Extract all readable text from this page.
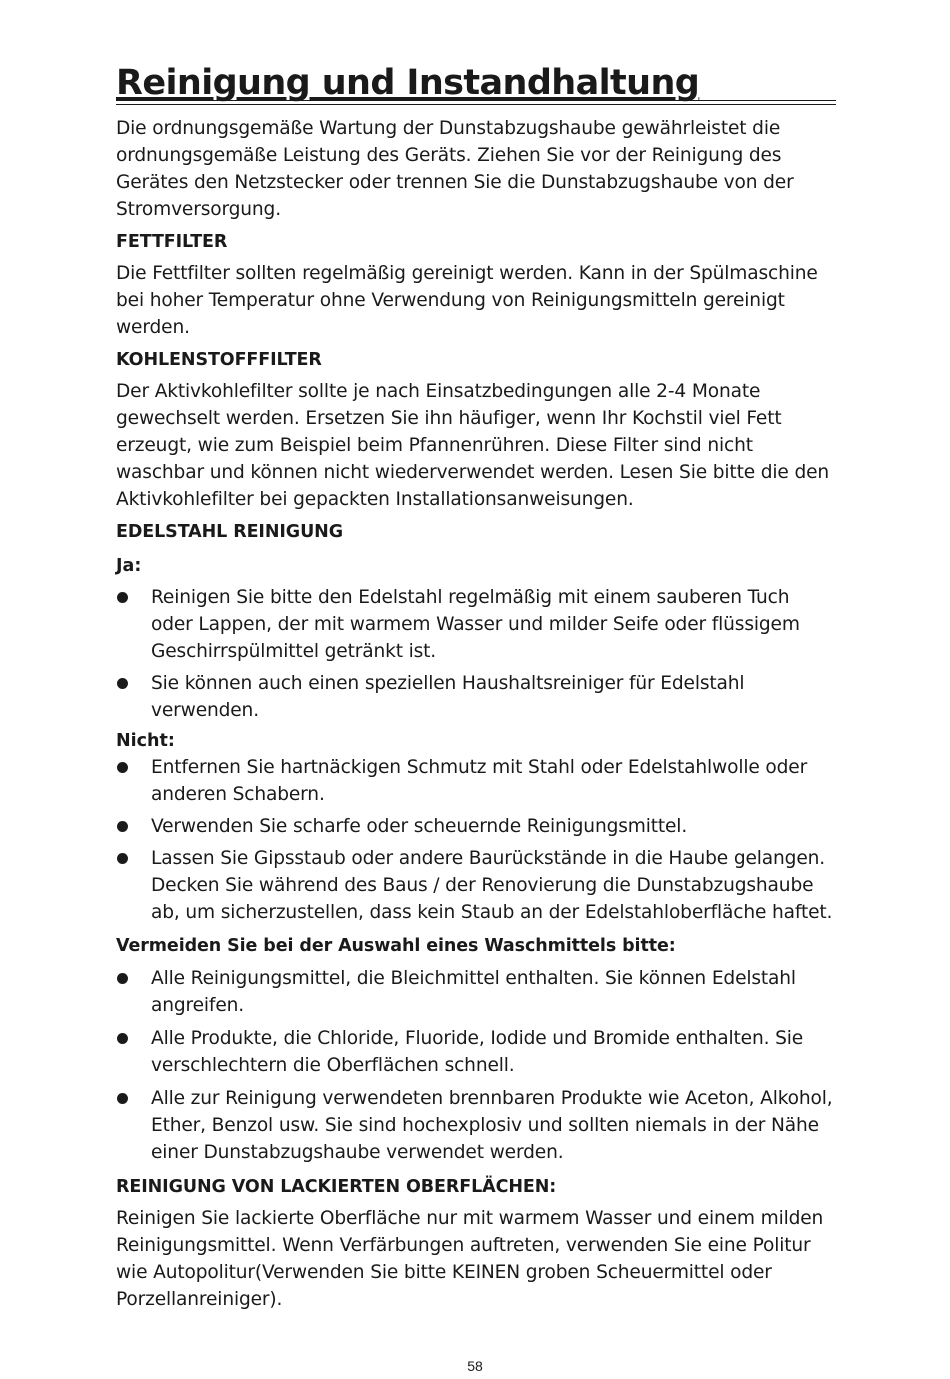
Reinigung und Instandhaltung

Die ordnungsgemäße Wartung der Dunstabzugshaube gewährleistet die ordnungsgemäße Leistung des Geräts. Ziehen Sie vor der Reinigung des Gerätes den Netzstecker oder trennen Sie die Dunstabzugshaube von der Stromversorgung.

FETTFILTER

Die Fettfilter sollten regelmäßig gereinigt werden. Kann in der Spülmaschine bei hoher Temperatur ohne Verwendung von Reinigungsmitteln gereinigt werden.

KOHLENSTOFFFILTER

Der Aktivkohlefilter sollte je nach Einsatzbedingungen alle 2-4 Monate gewechselt werden. Ersetzen Sie ihn häufiger, wenn Ihr Kochstil viel Fett erzeugt, wie zum Beispiel beim Pfannenrühren. Diese Filter sind nicht waschbar und können nicht wiederverwendet werden. Lesen Sie bitte die den Aktivkohlefilter bei gepackten Installationsanweisungen.

EDELSTAHL REINIGUNG
Ja:
Reinigen Sie bitte den Edelstahl regelmäßig mit einem sauberen Tuch oder Lappen, der mit warmem Wasser und milder Seife oder flüssigem Geschirrspülmittel getränkt ist.
Sie können auch einen speziellen Haushaltsreiniger für Edelstahl verwenden.
Nicht:
Entfernen Sie hartnäckigen Schmutz mit Stahl oder Edelstahlwolle oder anderen Schabern.
Verwenden Sie scharfe oder scheuernde Reinigungsmittel.
Lassen Sie Gipsstaub oder andere Baurückstände in die Haube gelangen. Decken Sie während des Baus / der Renovierung die Dunstabzugshaube ab, um sicherzustellen, dass kein Staub an der Edelstahloberfläche haftet.
Vermeiden Sie bei der Auswahl eines Waschmittels bitte:
Alle Reinigungsmittel, die Bleichmittel enthalten. Sie können Edelstahl angreifen.
Alle Produkte, die Chloride, Fluoride, Iodide und Bromide enthalten. Sie verschlechtern die Oberflächen schnell.
Alle zur Reinigung verwendeten brennbaren Produkte wie Aceton, Alkohol, Ether, Benzol usw. Sie sind hochexplosiv und sollten niemals in der Nähe einer Dunstabzugshaube verwendet werden.
REINIGUNG VON LACKIERTEN OBERFLÄCHEN:

Reinigen Sie lackierte Oberfläche nur mit warmem Wasser und einem milden Reinigungsmittel. Wenn Verfärbungen auftreten, verwenden Sie eine Politur wie Autopolitur(Verwenden Sie bitte KEINEN groben Scheuermittel oder Porzellanreiniger).

58
